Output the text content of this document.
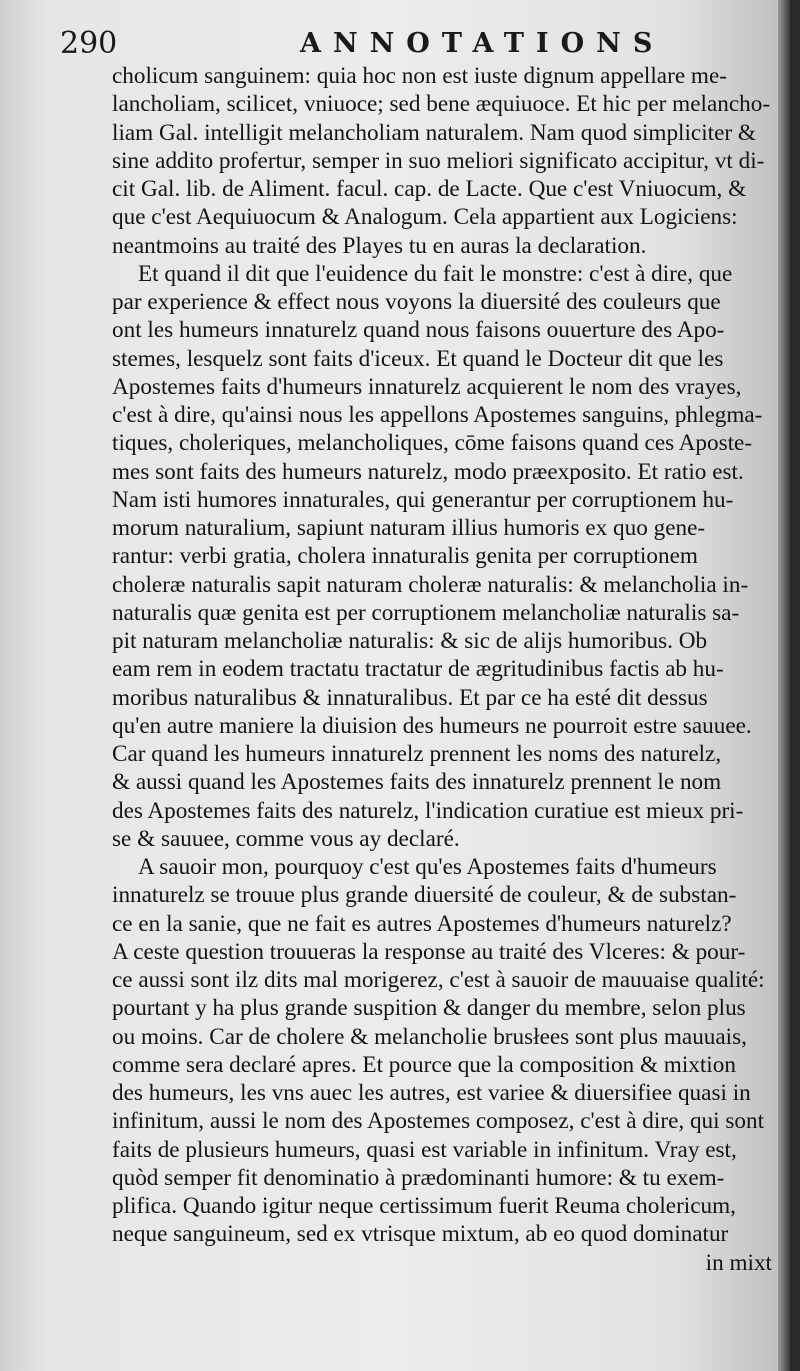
290	ANNOTATIONS
cholicum sanguinem: quia hoc non est iuste dignum appellare me-
lancholiam, scilicet, vniuoce; sed bene æquiuoce. Et hic per melancho-
liam Gal. intelligit melancholiam naturalem. Nam quod simpliciter &
sine addito profertur, semper in suo meliori significato accipitur, vt di-
cit Gal. lib. de Aliment. facul. cap. de Lacte. Que c'est Vniuocum, &
que c'est Aequiuocum & Analogum. Cela appartient aux Logiciens:
neantmoins au traité des Playes tu en auras la declaration.
Et quand il dit que l'euidence du fait le monstre: c'est à dire, que
par experience & effect nous voyons la diuersité des couleurs que
ont les humeurs innaturelz quand nous faisons ouuerture des Apo-
stemes, lesquelz sont faits d'iceux. Et quand le Docteur dit que les
Apostemes faits d'humeurs innaturelz acquierent le nom des vrayes,
c'est à dire, qu'ainsi nous les appellons Apostemes sanguins, phlegma-
tiques, choleriques, melancholiques, cōme faisons quand ces Aposte-
mes sont faits des humeurs naturelz, modo præexposito. Et ratio est.
Nam isti humores innaturales, qui generantur per corruptionem hu-
morum naturalium, sapiunt naturam illius humoris ex quo gene-
rantur: verbi gratia, cholera innaturalis genita per corruptionem
choleræ naturalis sapit naturam choleræ naturalis: & melancholia in-
naturalis quæ genita est per corruptionem melancholiæ naturalis sa-
pit naturam melancholiæ naturalis: & sic de alijs humoribus. Ob
eam rem in eodem tractatu tractatur de ægritudinibus factis ab hu-
moribus naturalibus & innaturalibus. Et par ce ha esté dit dessus
qu'en autre maniere la diuision des humeurs ne pourroit estre sauuee.
Car quand les humeurs innaturelz prennent les noms des naturelz,
& aussi quand les Apostemes faits des innaturelz prennent le nom
des Apostemes faits des naturelz, l'indication curatiue est mieux pri-
se & sauuee, comme vous ay declaré.
A sauoir mon, pourquoy c'est qu'es Apostemes faits d'humeurs
innaturelz se trouue plus grande diuersité de couleur, & de substan-
ce en la sanie, que ne fait es autres Apostemes d'humeurs naturelz?
A ceste question trouueras la response au traité des Vlceres: & pour-
ce aussi sont ilz dits mal morigerez, c'est à sauoir de mauuaise qualité:
pourtant y ha plus grande suspition & danger du membre, selon plus
ou moins. Car de cholere & melancholie brusłees sont plus mauuais,
comme sera declaré apres. Et pource que la composition & mixtion
des humeurs, les vns auec les autres, est variee & diuersifiee quasi in
infinitum, aussi le nom des Apostemes composez, c'est à dire, qui sont
faits de plusieurs humeurs, quasi est variable in infinitum. Vray est,
quòd semper fit denominatio à prædominanti humore: & tu exem-
plifica. Quando igitur neque certissimum fuerit Reuma cholericum,
neque sanguineum, sed ex vtrisque mixtum, ab eo quod dominatur
in mixt
